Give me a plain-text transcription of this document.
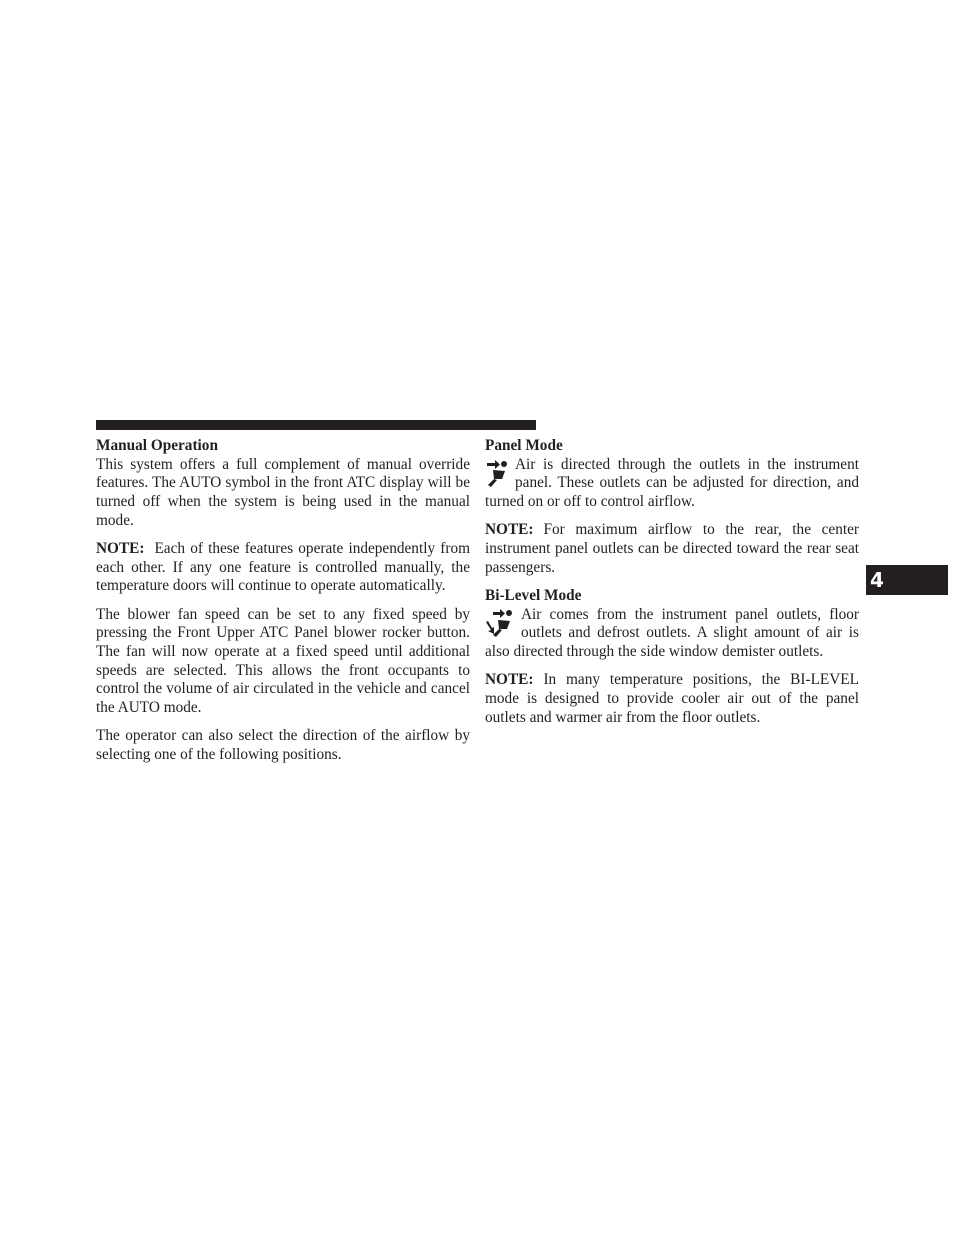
Manual Operation

This system offers a full complement of manual override features. The AUTO symbol in the front ATC display will be turned off when the system is being used in the manual mode.

NOTE: Each of these features operate independently from each other. If any one feature is controlled manually, the temperature doors will continue to operate automatically.

The blower fan speed can be set to any fixed speed by pressing the Front Upper ATC Panel blower rocker button. The fan will now operate at a fixed speed until additional speeds are selected. This allows the front occupants to control the volume of air circulated in the vehicle and cancel the AUTO mode.

The operator can also select the direction of the airflow by selecting one of the following positions.

Panel Mode

Air is directed through the outlets in the instrument panel. These outlets can be adjusted for direction, and turned on or off to control airflow.

NOTE: For maximum airflow to the rear, the center instrument panel outlets can be directed toward the rear seat passengers.

Bi-Level Mode

Air comes from the instrument panel outlets, floor outlets and defrost outlets. A slight amount of air is also directed through the side window demister outlets.

NOTE: In many temperature positions, the BI-LEVEL mode is designed to provide cooler air out of the panel outlets and warmer air from the floor outlets.

4
